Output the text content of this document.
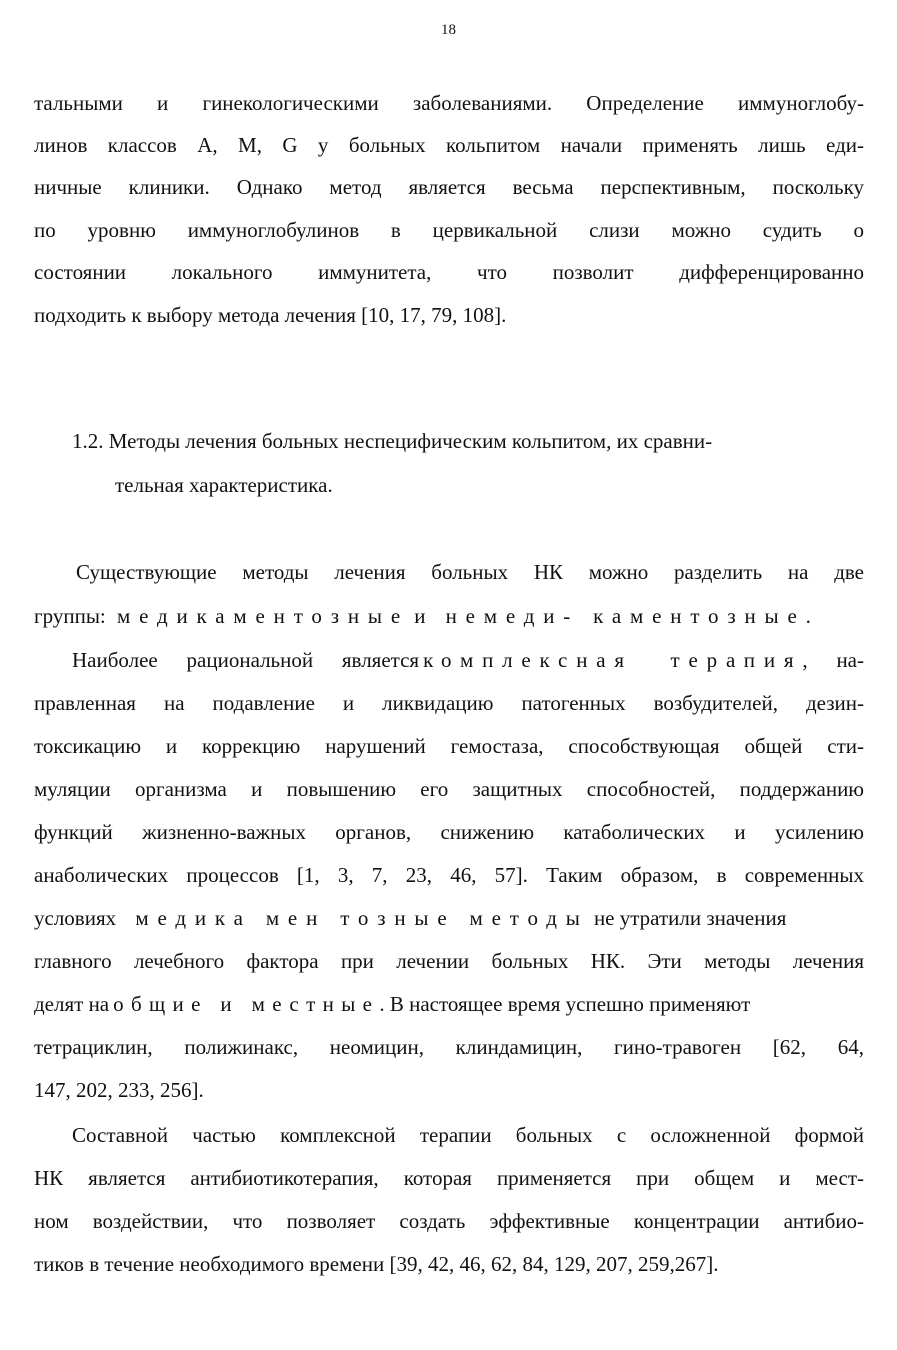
18
тальными и гинекологическими заболеваниями. Определение иммуноглобу-
линов классов А, М, G у больных кольпитом начали применять лишь еди-
ничные клиники. Однако метод является весьма перспективным, поскольку
по уровню иммуноглобулинов в цервикальной слизи можно судить о
состоянии локального иммунитета, что позволит дифференцированно
подходить к выбору метода лечения [10, 17, 79, 108].
1.2. Методы лечения больных неспецифическим кольпитом, их сравни-
тельная характеристика.
Существующие методы лечения больных НК можно разделить на две
группы: медикаментозные и немеди- каментозные.
Наиболее рациональной является комплексная терапия, на-
правленная на подавление и ликвидацию патогенных возбудителей, дезин-
токсикацию и коррекцию нарушений гемостаза, способствующая общей сти-
муляции организма и повышению его защитных способностей, поддержанию
функций жизненно-важных органов, снижению катаболических и усилению
анаболических процессов [1, 3, 7, 23, 46, 57]. Таким образом, в современных
условиях медика мен тозные методы не утратили значения
главного лечебного фактора при лечении больных НК. Эти методы лечения
делят на общие и местные. В настоящее время успешно применяют
тетрациклин, полижинакс, неомицин, клиндамицин, гино-травоген [62, 64,
147, 202, 233, 256].
Составной частью комплексной терапии больных с осложненной формой
НК является антибиотикотерапия, которая применяется при общем и мест-
ном воздействии, что позволяет создать эффективные концентрации антибио-
тиков в течение необходимого времени [39, 42, 46, 62, 84, 129, 207, 259,267].
